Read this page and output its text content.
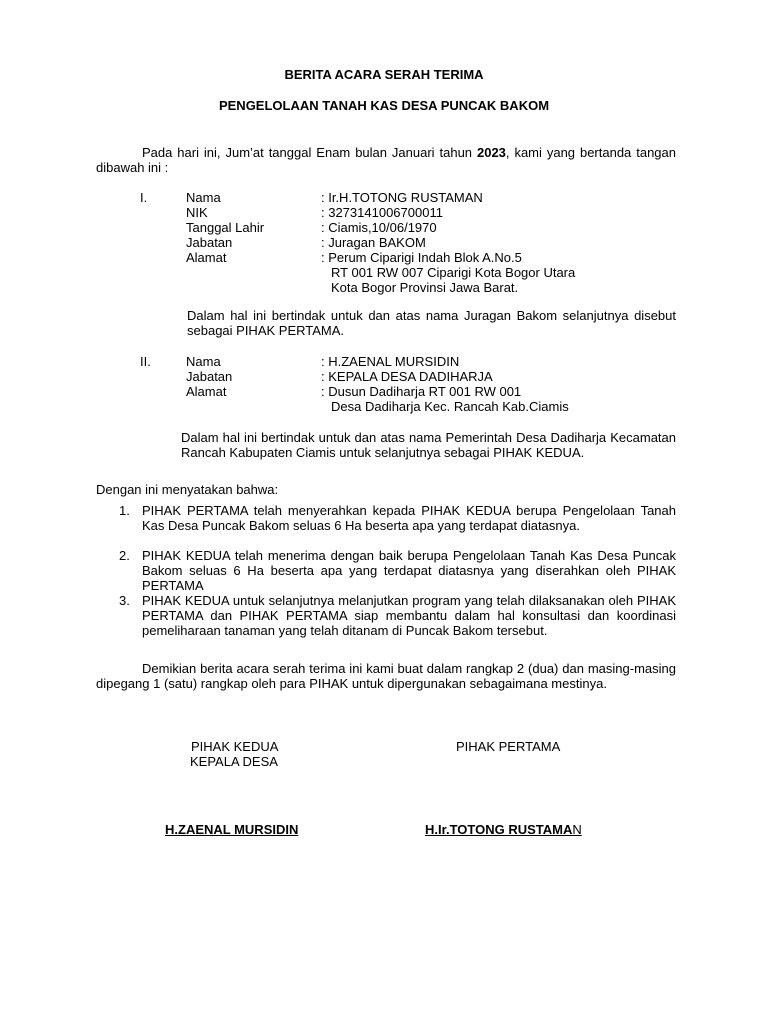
BERITA ACARA SERAH TERIMA
PENGELOLAAN TANAH KAS DESA PUNCAK BAKOM
Pada hari ini, Jum’at tanggal Enam bulan Januari tahun 2023, kami yang bertanda tangan dibawah ini :
I.	Nama	: Ir.H.TOTONG RUSTAMAN
NIK	: 3273141006700011
Tanggal Lahir	: Ciamis,10/06/1970
Jabatan	: Juragan BAKOM
Alamat	: Perum Ciparigi Indah Blok A.No.5
RT 001 RW 007 Ciparigi Kota Bogor Utara
Kota Bogor Provinsi Jawa Barat.
Dalam hal ini bertindak untuk dan atas nama Juragan Bakom selanjutnya disebut sebagai PIHAK PERTAMA.
II.	Nama	: H.ZAENAL MURSIDIN
Jabatan	: KEPALA DESA DADIHARJA
Alamat	: Dusun Dadiharja RT 001 RW 001
Desa Dadiharja Kec. Rancah Kab.Ciamis
Dalam hal ini bertindak untuk dan atas nama Pemerintah Desa Dadiharja Kecamatan Rancah Kabupaten Ciamis untuk selanjutnya sebagai PIHAK KEDUA.
Dengan ini menyatakan bahwa:
1. PIHAK PERTAMA telah menyerahkan kepada PIHAK KEDUA berupa Pengelolaan Tanah Kas Desa Puncak Bakom seluas 6 Ha beserta apa yang terdapat diatasnya.
2. PIHAK KEDUA telah menerima dengan baik berupa Pengelolaan Tanah Kas Desa Puncak Bakom seluas 6 Ha beserta apa yang terdapat diatasnya yang diserahkan oleh PIHAK PERTAMA
3. PIHAK KEDUA untuk selanjutnya melanjutkan program yang telah dilaksanakan oleh PIHAK PERTAMA dan PIHAK PERTAMA siap membantu dalam hal konsultasi dan koordinasi pemeliharaan tanaman yang telah ditanam di Puncak Bakom tersebut.
Demikian berita acara serah terima ini kami buat dalam rangkap 2 (dua) dan masing-masing dipegang 1 (satu) rangkap oleh para PIHAK untuk dipergunakan sebagaimana mestinya.
PIHAK KEDUA
KEPALA DESA
H.ZAENAL MURSIDIN
PIHAK PERTAMA
H.Ir.TOTONG RUSTAMAN
